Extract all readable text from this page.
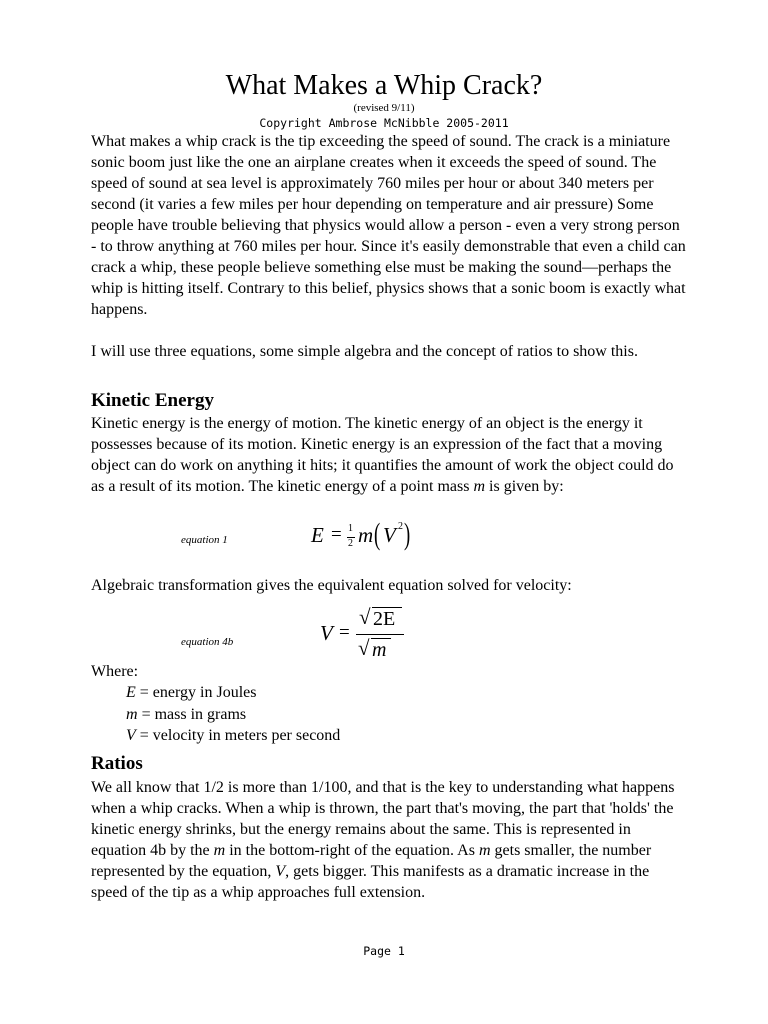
What Makes a Whip Crack?
(revised 9/11)
Copyright Ambrose McNibble 2005-2011

What makes a whip crack is the tip exceeding the speed of sound. The crack is a miniature sonic boom just like the one an airplane creates when it exceeds the speed of sound. The speed of sound at sea level is approximately 760 miles per hour or about 340 meters per second (it varies a few miles per hour depending on temperature and air pressure) Some people have trouble believing that physics would allow a person - even a very strong person - to throw anything at 760 miles per hour. Since it's easily demonstrable that even a child can crack a whip, these people believe something else must be making the sound—perhaps the whip is hitting itself. Contrary to this belief, physics shows that a sonic boom is exactly what happens.

I will use three equations, some simple algebra and the concept of ratios to show this.

Kinetic Energy

Kinetic energy is the energy of motion. The kinetic energy of an object is the energy it possesses because of its motion. Kinetic energy is an expression of the fact that a moving object can do work on anything it hits; it quantifies the amount of work the object could do as a result of its motion. The kinetic energy of a point mass m is given by:

equation 1	E = 1
2 m ( V 2 )

Algebraic transformation gives the equivalent equation solved for velocity:

equation 4b	V =
√ 2E
√ m
Where:
E = energy in Joules
m = mass in grams
V = velocity in meters per second
Ratios

We all know that 1/2 is more than 1/100, and that is the key to understanding what happens when a whip cracks. When a whip is thrown, the part that's moving, the part that 'holds' the kinetic energy shrinks, but the energy remains about the same. This is represented in equation 4b by the m in the bottom-right of the equation. As m gets smaller, the number represented by the equation, V, gets bigger. This manifests as a dramatic increase in the speed of the tip as a whip approaches full extension.

Page 1
